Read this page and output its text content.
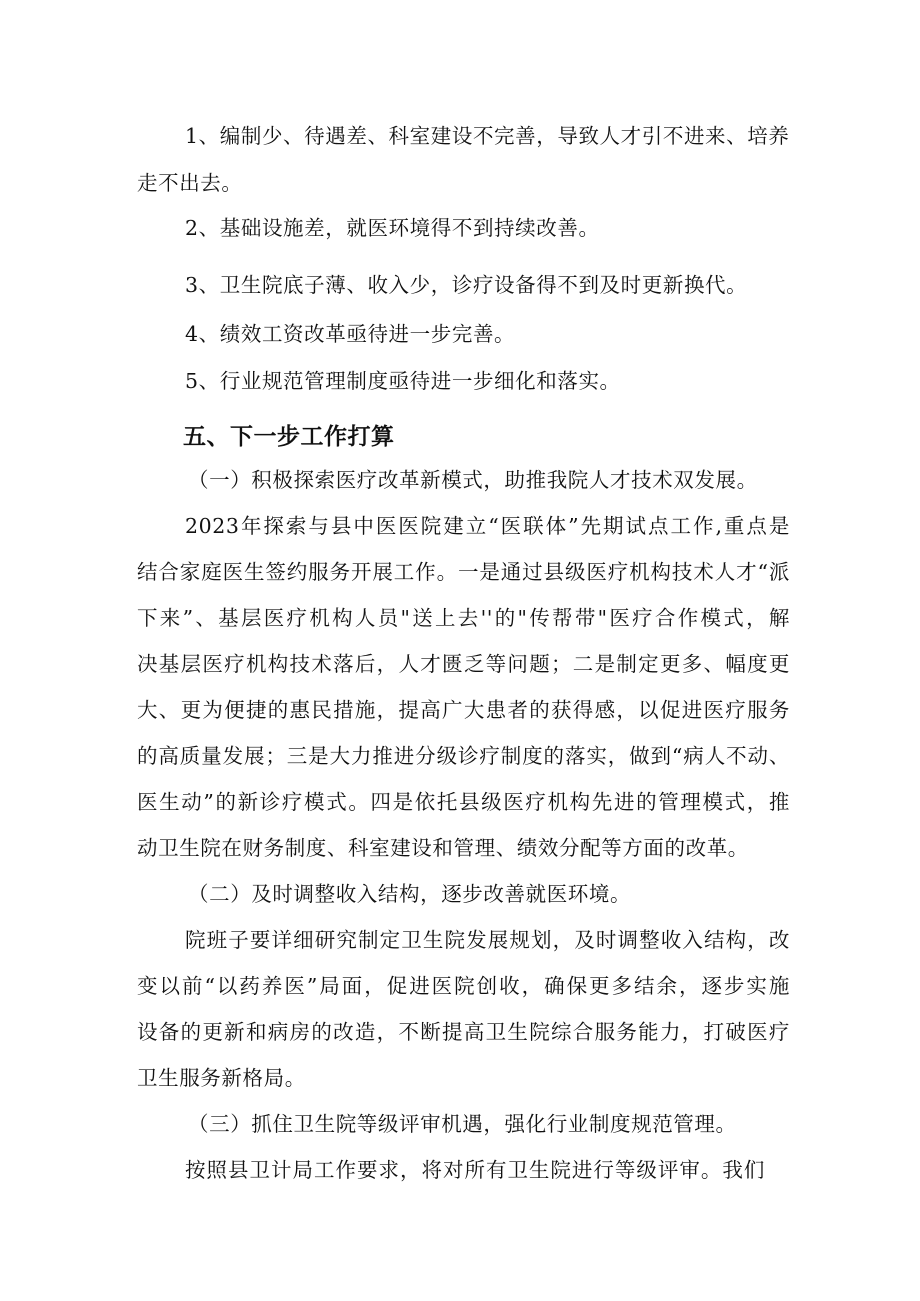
1、编制少、待遇差、科室建设不完善，导致人才引不进来、培养
走不出去。
2、基础设施差，就医环境得不到持续改善。
3、卫生院底子薄、收入少，诊疗设备得不到及时更新换代。
4、绩效工资改革亟待进一步完善。
5、行业规范管理制度亟待进一步细化和落实。
五、下一步工作打算
（一）积极探索医疗改革新模式，助推我院人才技术双发展。
2023年探索与县中医医院建立“医联体”先期试点工作,重点是
结合家庭医生签约服务开展工作。一是通过县级医疗机构技术人才“派
下来”、基层医疗机构人员"送上去''的"传帮带"医疗合作模式，解
决基层医疗机构技术落后，人才匮乏等问题；二是制定更多、幅度更
大、更为便捷的惠民措施，提高广大患者的获得感，以促进医疗服务
的高质量发展；三是大力推进分级诊疗制度的落实，做到“病人不动、
医生动”的新诊疗模式。四是依托县级医疗机构先进的管理模式，推
动卫生院在财务制度、科室建设和管理、绩效分配等方面的改革。
（二）及时调整收入结构，逐步改善就医环境。
院班子要详细研究制定卫生院发展规划，及时调整收入结构，改
变以前“以药养医”局面，促进医院创收，确保更多结余，逐步实施
设备的更新和病房的改造，不断提高卫生院综合服务能力，打破医疗
卫生服务新格局。
（三）抓住卫生院等级评审机遇，强化行业制度规范管理。
按照县卫计局工作要求，将对所有卫生院进行等级评审。我们
